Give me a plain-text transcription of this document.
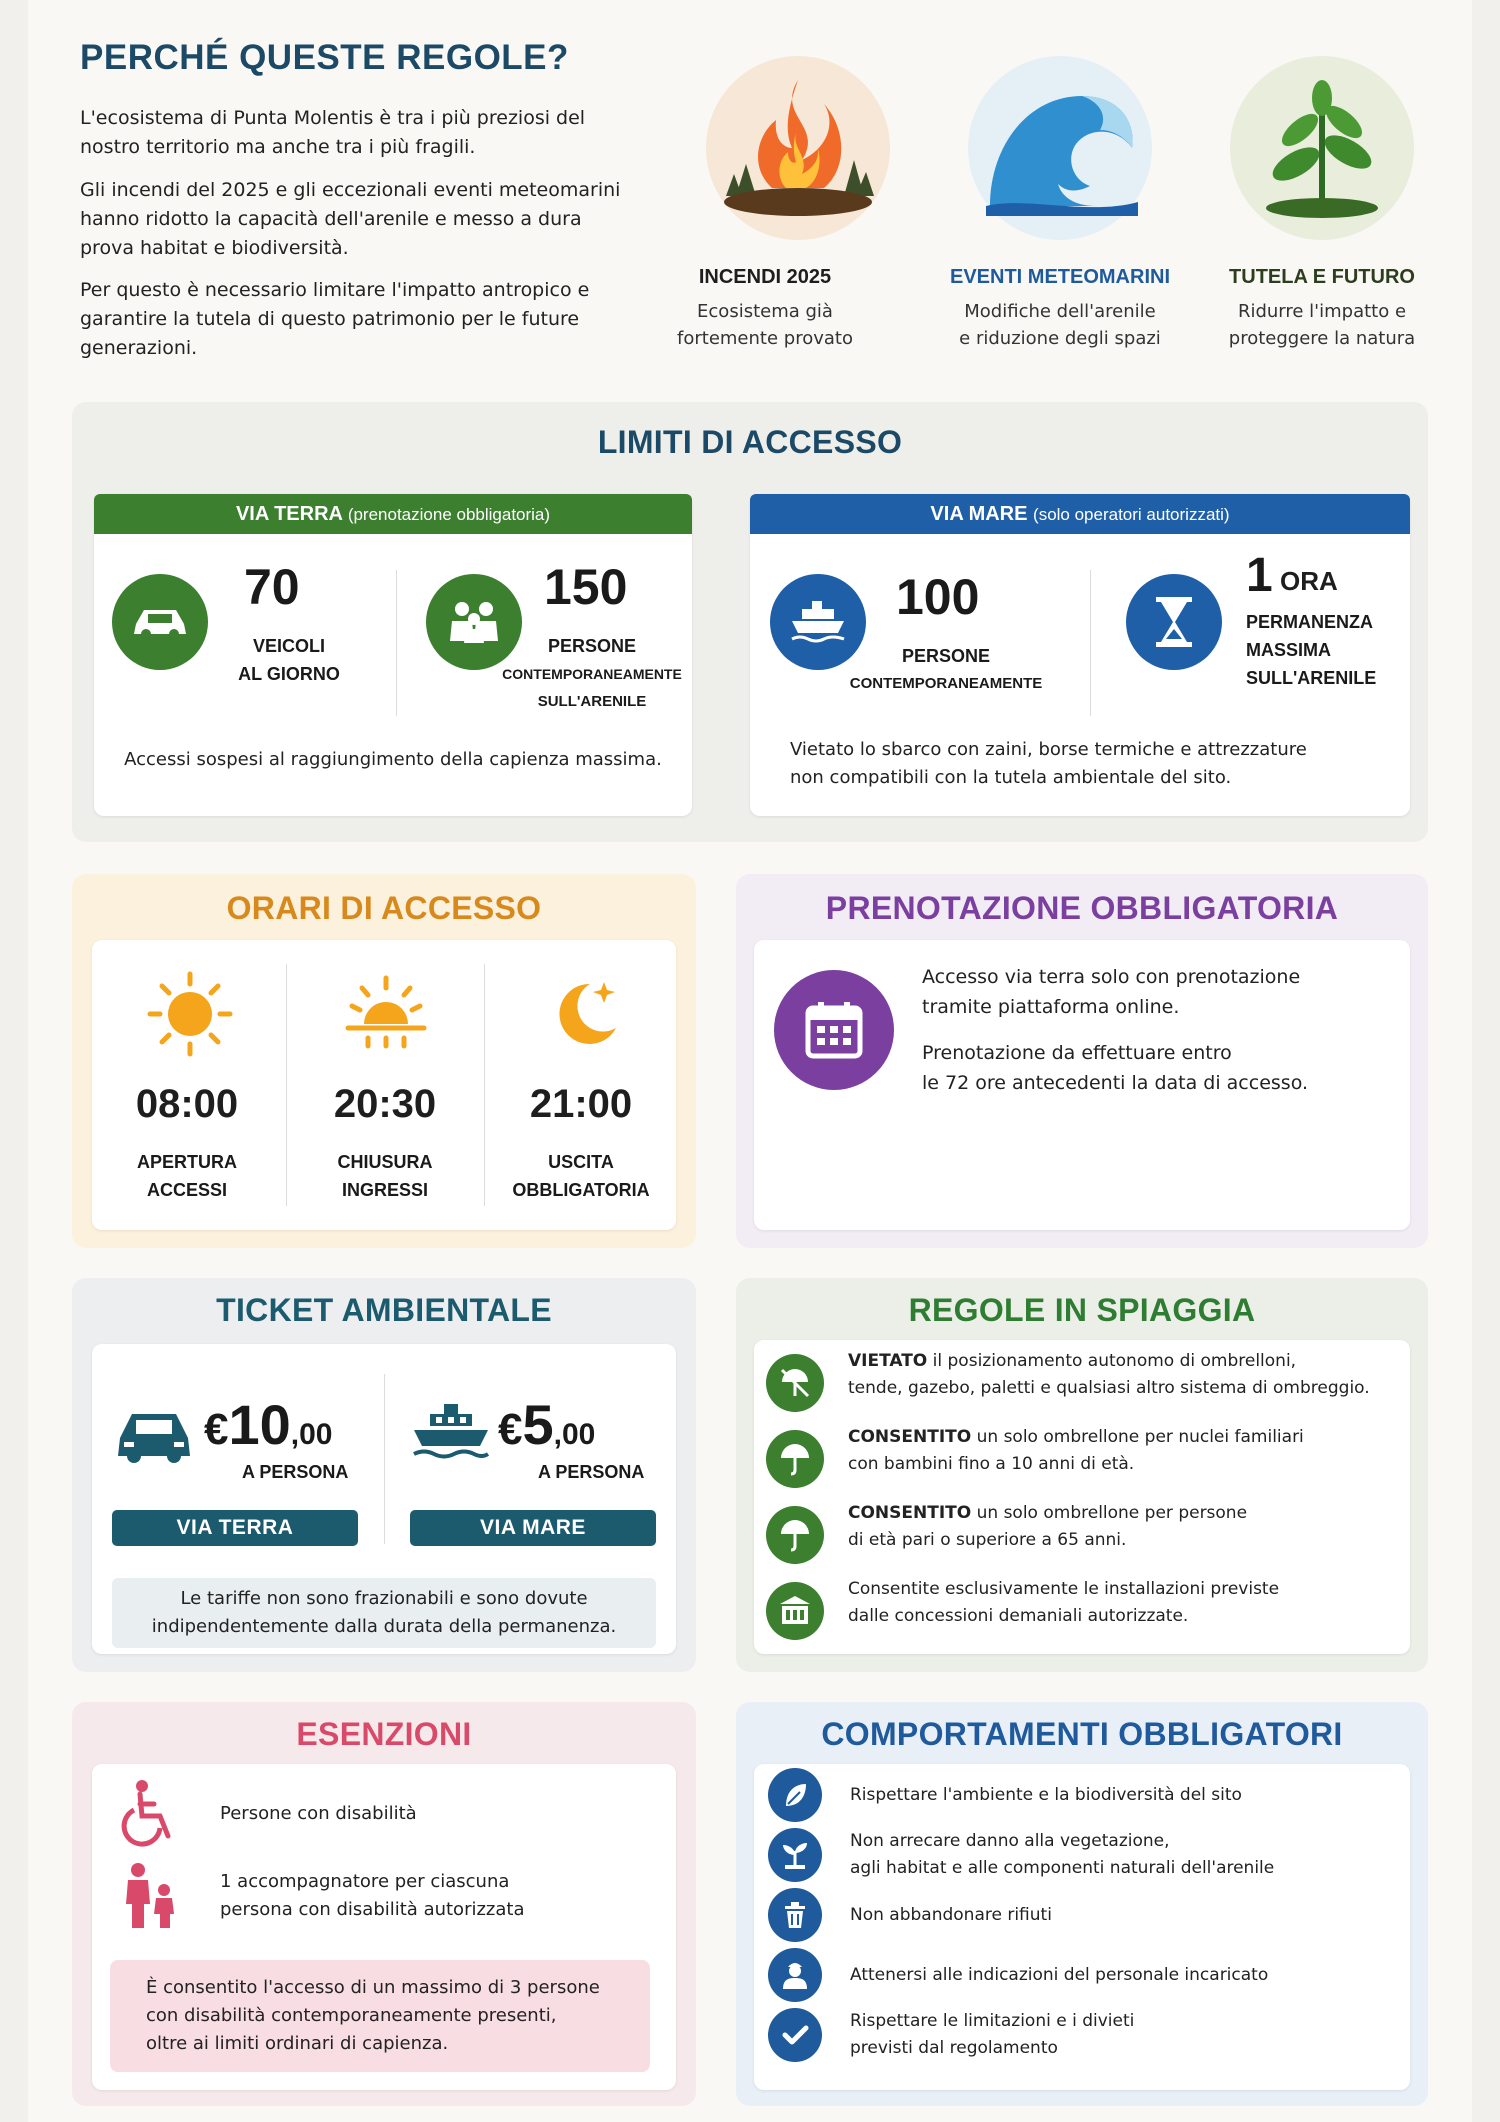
PERCHÉ QUESTE REGOLE?
L'ecosistema di Punta Molentis è tra i più preziosi del nostro territorio ma anche tra i più fragili.
Gli incendi del 2025 e gli eccezionali eventi meteomarini hanno ridotto la capacità dell'arenile e messo a dura prova habitat e biodiversità.
Per questo è necessario limitare l'impatto antropico e garantire la tutela di questo patrimonio per le future generazioni.
INCENDI 2025
Ecosistema già
fortemente provato
EVENTI METEOMARINI
Modifiche dell'arenile
e riduzione degli spazi
TUTELA E FUTURO
Ridurre l'impatto e
proteggere la natura
LIMITI DI ACCESSO
VIA TERRA (prenotazione obbligatoria)
70
VEICOLI
AL GIORNO
150
PERSONE
CONTEMPORANEAMENTE
SULL'ARENILE
Accessi sospesi al raggiungimento della capienza massima.
VIA MARE (solo operatori autorizzati)
100
PERSONE
CONTEMPORANEAMENTE
1 ORA
PERMANENZA
MASSIMA
SULL'ARENILE
Vietato lo sbarco con zaini, borse termiche e attrezzature
non compatibili con la tutela ambientale del sito.
ORARI DI ACCESSO
08:00
APERTURA
ACCESSI
20:30
CHIUSURA
INGRESSI
21:00
USCITA
OBBLIGATORIA
PRENOTAZIONE OBBLIGATORIA
Accesso via terra solo con prenotazione
tramite piattaforma online.
Prenotazione da effettuare entro
le 72 ore antecedenti la data di accesso.
TICKET AMBIENTALE
€10,00
A PERSONA
VIA TERRA
€5,00
A PERSONA
VIA MARE
Le tariffe non sono frazionabili e sono dovute
indipendentemente dalla durata della permanenza.
REGOLE IN SPIAGGIA
VIETATO il posizionamento autonomo di ombrelloni,
tende, gazebo, paletti e qualsiasi altro sistema di ombreggio.
CONSENTITO un solo ombrellone per nuclei familiari
con bambini fino a 10 anni di età.
CONSENTITO un solo ombrellone per persone
di età pari o superiore a 65 anni.
Consentite esclusivamente le installazioni previste
dalle concessioni demaniali autorizzate.
ESENZIONI
Persone con disabilità
1 accompagnatore per ciascuna
persona con disabilità autorizzata
È consentito l'accesso di un massimo di 3 persone
con disabilità contemporaneamente presenti,
oltre ai limiti ordinari di capienza.
COMPORTAMENTI OBBLIGATORI
Rispettare l'ambiente e la biodiversità del sito
Non arrecare danno alla vegetazione,
agli habitat e alle componenti naturali dell'arenile
Non abbandonare rifiuti
Attenersi alle indicazioni del personale incaricato
Rispettare le limitazioni e i divieti
previsti dal regolamento
